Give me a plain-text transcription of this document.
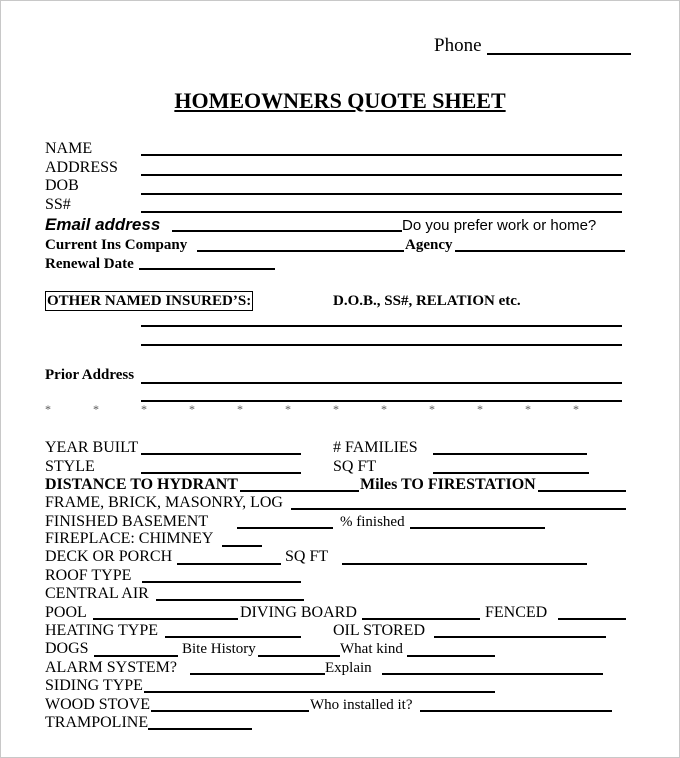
Phone
HOMEOWNERS QUOTE SHEET
NAME
ADDRESS
DOB
SS#
Email address	Do you prefer work or home?
Current Ins Company	Agency
Renewal Date
OTHER NAMED INSURED’S:	D.O.B., SS#, RELATION etc.
Prior Address
*	*	*	*	*	*	*	*	*	*	*	*
YEAR BUILT	# FAMILIES
STYLE	SQ FT
DISTANCE TO HYDRANT	Miles TO FIRESTATION
FRAME, BRICK, MASONRY, LOG
FINISHED BASEMENT	% finished
FIREPLACE: CHIMNEY
DECK OR PORCH	SQ FT
ROOF TYPE
CENTRAL AIR
POOL	DIVING BOARD	FENCED
HEATING TYPE	OIL STORED
DOGS	Bite History	What kind
ALARM SYSTEM?	Explain
SIDING TYPE
WOOD STOVE	Who installed it?
TRAMPOLINE
